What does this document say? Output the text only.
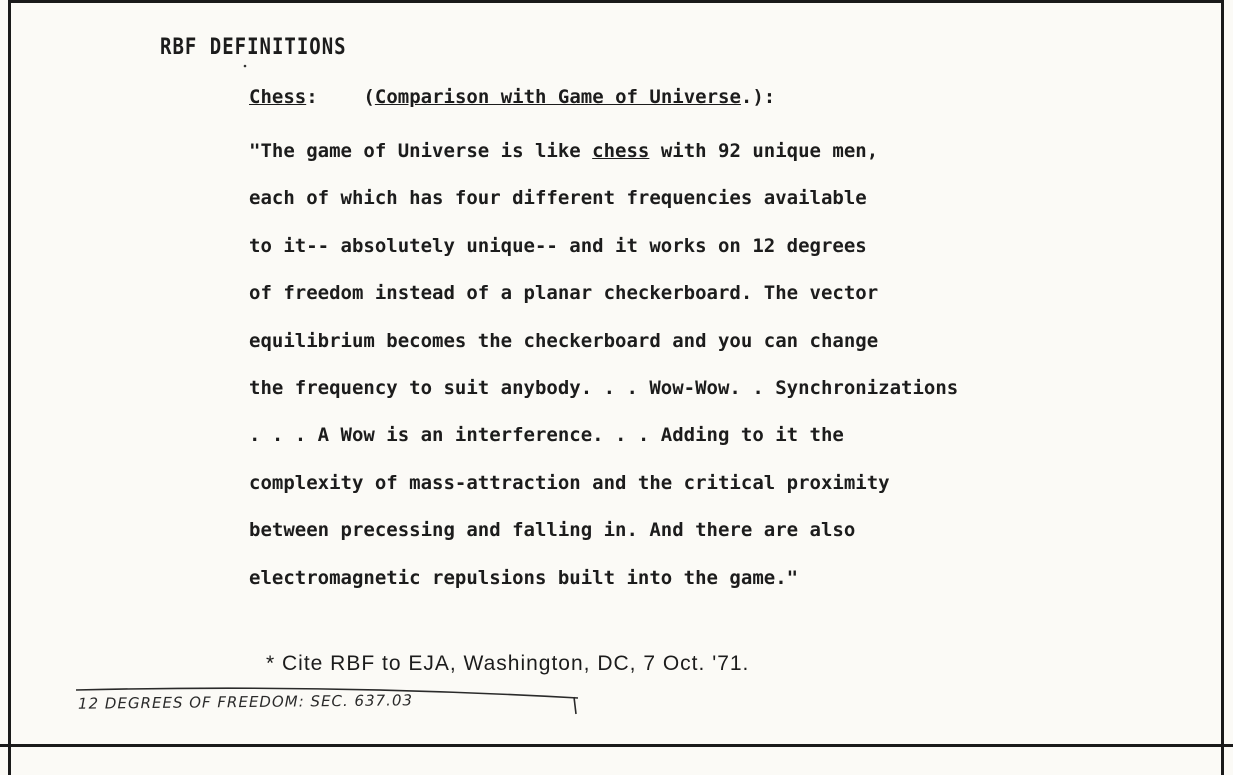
RBF DEFINITIONS
Chess: (Comparison with Game of Universe.):
"The game of Universe is like chess with 92 unique men,
each of which has four different frequencies available
to it-- absolutely unique-- and it works on 12 degrees
of freedom instead of a planar checkerboard. The vector
equilibrium becomes the checkerboard and you can change
the frequency to suit anybody. . . Wow-Wow. . Synchronizations
. . . A Wow is an interference. . . Adding to it the
complexity of mass-attraction and the critical proximity
between precessing and falling in. And there are also
electromagnetic repulsions built into the game."
* Cite RBF to EJA, Washington, DC, 7 Oct. '71.
12 DEGREES OF FREEDOM: SEC. 637.03
